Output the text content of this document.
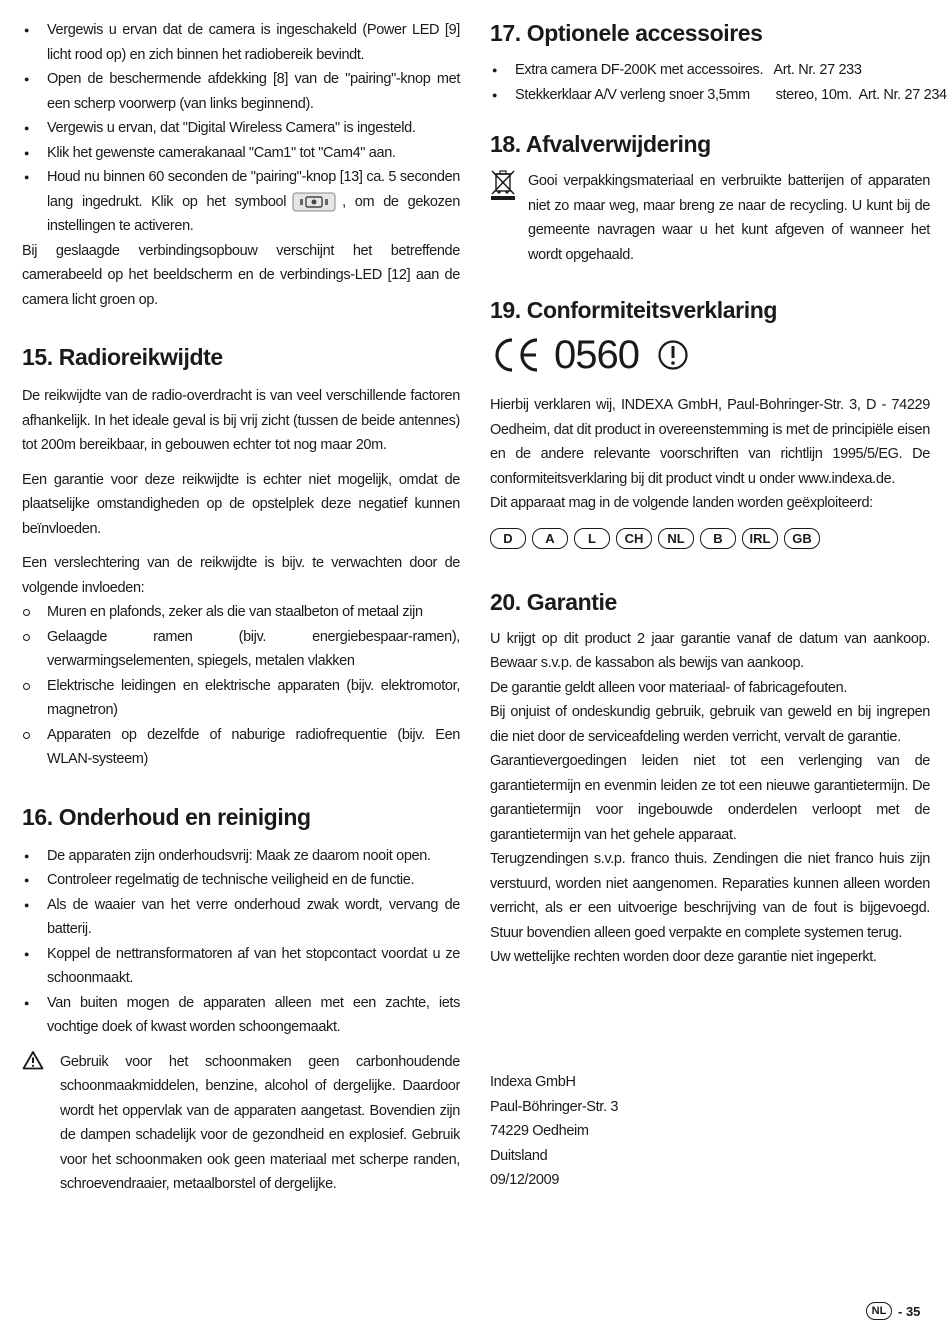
● Vergewis u ervan dat de camera is ingeschakeld (Power LED [9] licht rood op) en zich binnen het radiobereik bevindt.
● Open de beschermende afdekking [8] van de "pairing"-knop met een scherp voorwerp (van links beginnend).
● Vergewis u ervan, dat "Digital Wireless Camera" is ingesteld.
● Klik het gewenste camerakanaal "Cam1" tot "Cam4" aan.
● Houd nu binnen 60 seconden de "pairing"-knop [13] ca. 5 seconden lang ingedrukt. Klik op het symbool	, om de gekozen instellingen te activeren.

Bij geslaagde verbindingsopbouw verschijnt het betreffende camerabeeld op het beeldscherm en de verbindings-LED [12] aan de camera licht groen op.

15. Radioreikwijdte

De reikwijdte van de radio-overdracht is van veel verschillende factoren afhankelijk. In het ideale geval is bij vrij zicht (tussen de beide antennes) tot 200m bereikbaar, in gebouwen echter tot nog maar 20m.

Een garantie voor deze reikwijdte is echter niet mogelijk, omdat de plaatselijke omstandigheden op de opstelplek deze negatief kunnen beïnvloeden.

Een verslechtering van de reikwijdte is bijv. te verwachten door de volgende invloeden:

Muren en plafonds, zeker als die van staalbeton of metaal zijn
Gelaagde ramen (bijv. energiebespaar-ramen), verwarmingselementen, spiegels, metalen vlakken
Elektrische leidingen en elektrische apparaten (bijv. elektromotor, magnetron)
Apparaten op dezelfde of naburige radiofrequentie (bijv. Een WLAN-systeem)
16. Onderhoud en reiniging
● De apparaten zijn onderhoudsvrij: Maak ze daarom nooit open.
● Controleer regelmatig de technische veiligheid en de functie.
● Als de waaier van het verre onderhoud zwak wordt, vervang de batterij.
● Koppel de nettransformatoren af van het stopcontact voordat u ze schoonmaakt.
● Van buiten mogen de apparaten alleen met een zachte, iets vochtige doek of kwast worden schoongemaakt.

Gebruik voor het schoonmaken geen carbonhoudende schoonmaakmiddelen, benzine, alcohol of dergelijke. Daardoor wordt het oppervlak van de apparaten aangetast. Bovendien zijn de dampen schadelijk voor de gezondheid en explosief. Gebruik voor het schoonmaken ook geen materiaal met scherpe randen, schroevendraaier, metaalborstel of dergelijke.

17. Optionele accessoires
● Extra camera DF-200K met accessoires.   Art. Nr. 27 233
● Stekkerklaar A/V verleng snoer 3,5mm       stereo, 10m.  Art. Nr. 27 234
18. Afvalverwijdering

Gooi verpakkingsmateriaal en verbruikte batterijen of apparaten niet zo maar weg, maar breng ze naar de recycling. U kunt bij de gemeente navragen waar u het kunt afgeven of wanneer het wordt opgehaald.

19. Conformiteitsverklaring
0560

Hierbij verklaren wij, INDEXA GmbH, Paul-Bohringer-Str. 3, D - 74229 Oedheim, dat dit product in overeenstemming is met de principiële eisen en de andere relevante voorschriften van richtlijn 1995/5/EG. De conformiteitsverklaring bij dit product vindt u onder www.indexa.de.

Dit apparaat mag in de volgende landen worden geëxploiteerd:

D	A	L	CH	NL	B	IRL	GB
20. Garantie

U krijgt op dit product 2 jaar garantie vanaf de datum van aankoop. Bewaar s.v.p. de kassabon als bewijs van aankoop.

De garantie geldt alleen voor materiaal- of fabricagefouten.

Bij onjuist of ondeskundig gebruik, gebruik van geweld en bij ingrepen die niet door de serviceafdeling werden verricht, vervalt de garantie.

Garantievergoedingen leiden niet tot een verlenging van de garantietermijn en evenmin leiden ze tot een nieuwe garantietermijn. De garantietermijn voor ingebouwde onderdelen verloopt met de garantietermijn van het gehele apparaat.

Terugzendingen s.v.p. franco thuis. Zendingen die niet franco huis zijn verstuurd, worden niet aangenomen. Reparaties kunnen alleen worden verricht, als er een uitvoerige beschrijving van de fout is bijgevoegd. Stuur bovendien alleen goed verpakte en complete systemen terug.

Uw wettelijke rechten worden door deze garantie niet ingeperkt.

Indexa GmbH

Paul-Böhringer-Str. 3

74229 Oedheim

Duitsland

09/12/2009

NL - 35
